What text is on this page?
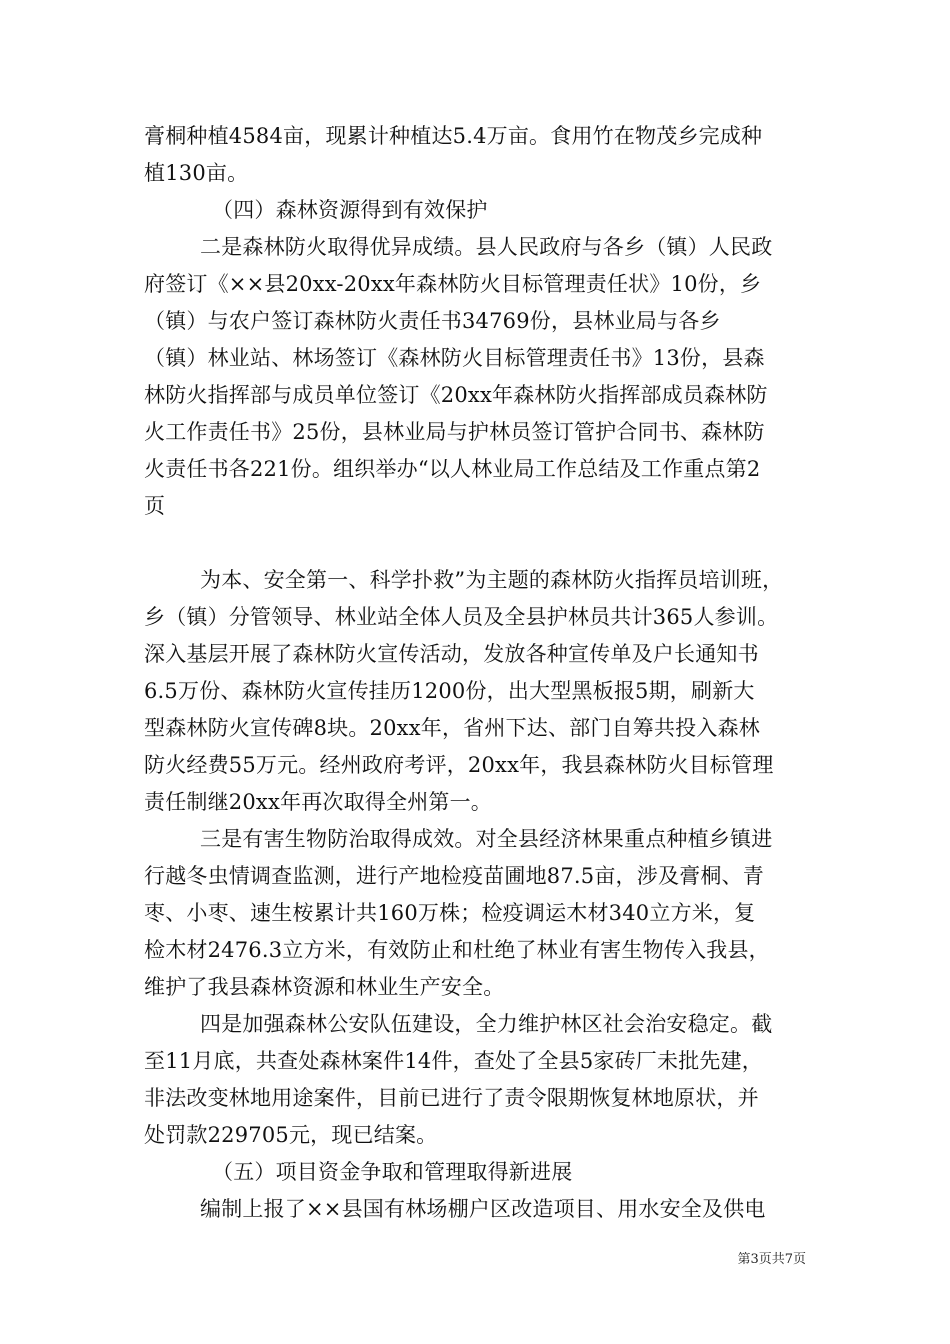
膏桐种植4584亩，现累计种植达5.4万亩。食用竹在物茂乡完成种
植130亩。
（四）森林资源得到有效保护
二是森林防火取得优异成绩。县人民政府与各乡（镇）人民政
府签订《××县20xx-20xx年森林防火目标管理责任状》10份，乡
（镇）与农户签订森林防火责任书34769份，县林业局与各乡
（镇）林业站、林场签订《森林防火目标管理责任书》13份，县森
林防火指挥部与成员单位签订《20xx年森林防火指挥部成员森林防
火工作责任书》25份，县林业局与护林员签订管护合同书、森林防
火责任书各221份。组织举办“以人林业局工作总结及工作重点第2
页
为本、安全第一、科学扑救”为主题的森林防火指挥员培训班，
乡（镇）分管领导、林业站全体人员及全县护林员共计365人参训。
深入基层开展了森林防火宣传活动，发放各种宣传单及户长通知书
6.5万份、森林防火宣传挂历1200份，出大型黑板报5期，刷新大
型森林防火宣传碑8块。20xx年，省州下达、部门自筹共投入森林
防火经费55万元。经州政府考评，20xx年，我县森林防火目标管理
责任制继20xx年再次取得全州第一。
三是有害生物防治取得成效。对全县经济林果重点种植乡镇进
行越冬虫情调查监测，进行产地检疫苗圃地87.5亩，涉及膏桐、青
枣、小枣、速生桉累计共160万株；检疫调运木材340立方米，复
检木材2476.3立方米，有效防止和杜绝了林业有害生物传入我县，
维护了我县森林资源和林业生产安全。
四是加强森林公安队伍建设，全力维护林区社会治安稳定。截
至11月底，共查处森林案件14件，查处了全县5家砖厂未批先建，
非法改变林地用途案件，目前已进行了责令限期恢复林地原状，并
处罚款229705元，现已结案。
（五）项目资金争取和管理取得新进展
编制上报了××县国有林场棚户区改造项目、用水安全及供电
第3页共7页
